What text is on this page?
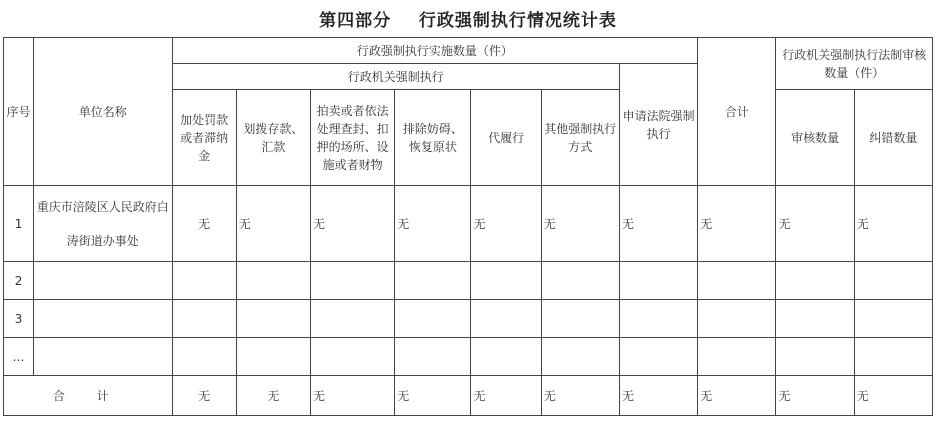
第四部分    行政强制执行情况统计表
序号	单位名称	行政强制执行实施数量（件）							合计	行政机关强制执行法制审核数量（件）	
		行政机关强制执行						申请法院强制执行			
		加处罚款或者滞纳金	划拨存款、汇款	拍卖或者依法处理查封、扣押的场所、设施或者财物	排除妨碍、恢复原状	代履行	其他强制执行方式			审核数量	纠错数量
1	重庆市涪陵区人民政府白涛街道办事处	无	无	无	无	无	无	无	无	无	无
2											
3											
…											
合 计		无	无	无	无	无	无	无	无	无	无
